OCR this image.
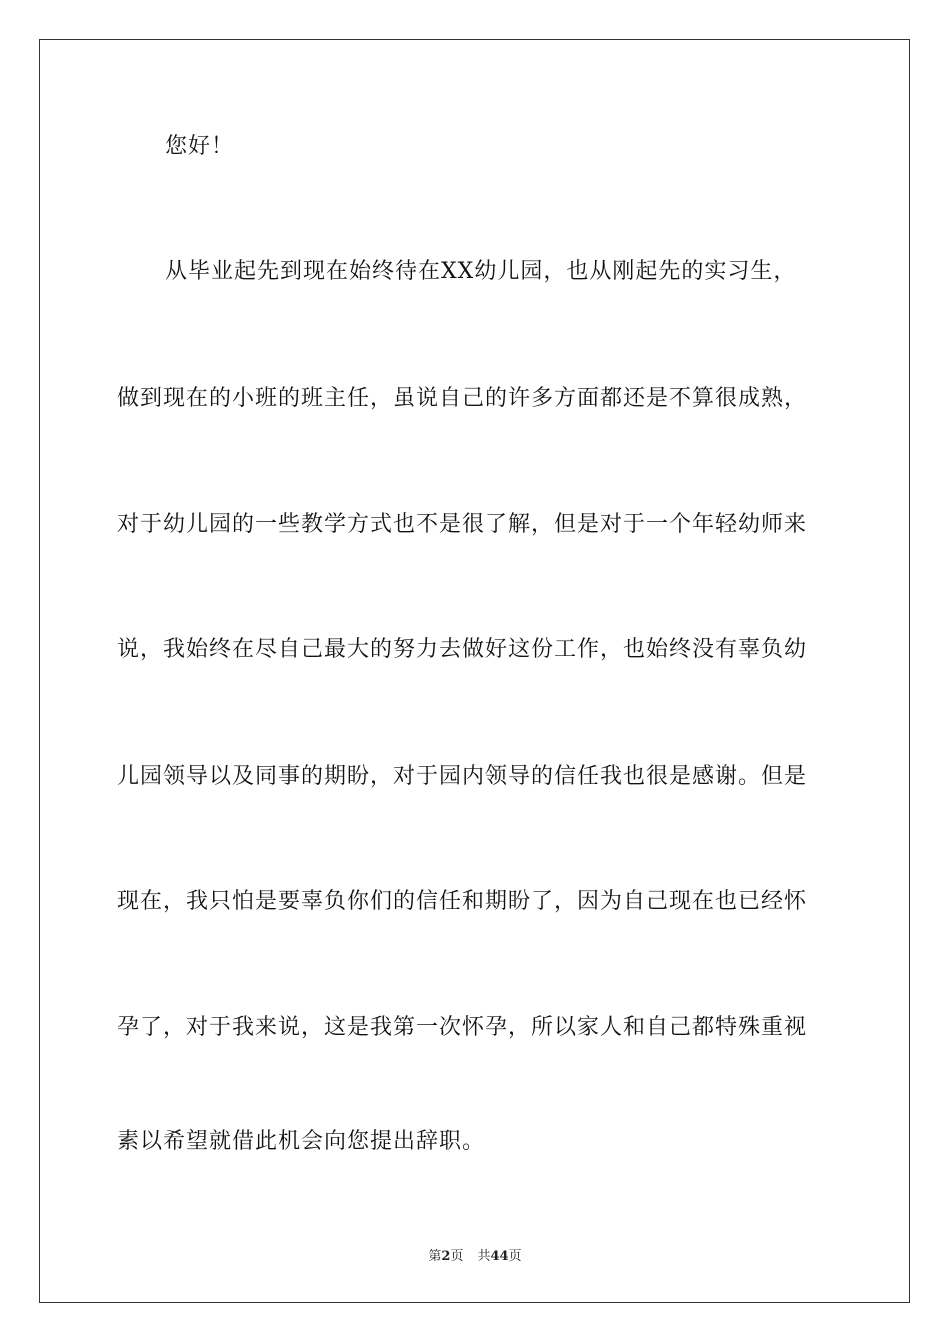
您好！
从毕业起先到现在始终待在XX幼儿园，也从刚起先的实习生，
做到现在的小班的班主任，虽说自己的许多方面都还是不算很成熟，
对于幼儿园的一些教学方式也不是很了解，但是对于一个年轻幼师来
说，我始终在尽自己最大的努力去做好这份工作，也始终没有辜负幼
儿园领导以及同事的期盼，对于园内领导的信任我也很是感谢。但是
现在，我只怕是要辜负你们的信任和期盼了，因为自己现在也已经怀
孕了，对于我来说，这是我第一次怀孕，所以家人和自己都特殊重视
素以希望就借此机会向您提出辞职。
第2页 共44页
